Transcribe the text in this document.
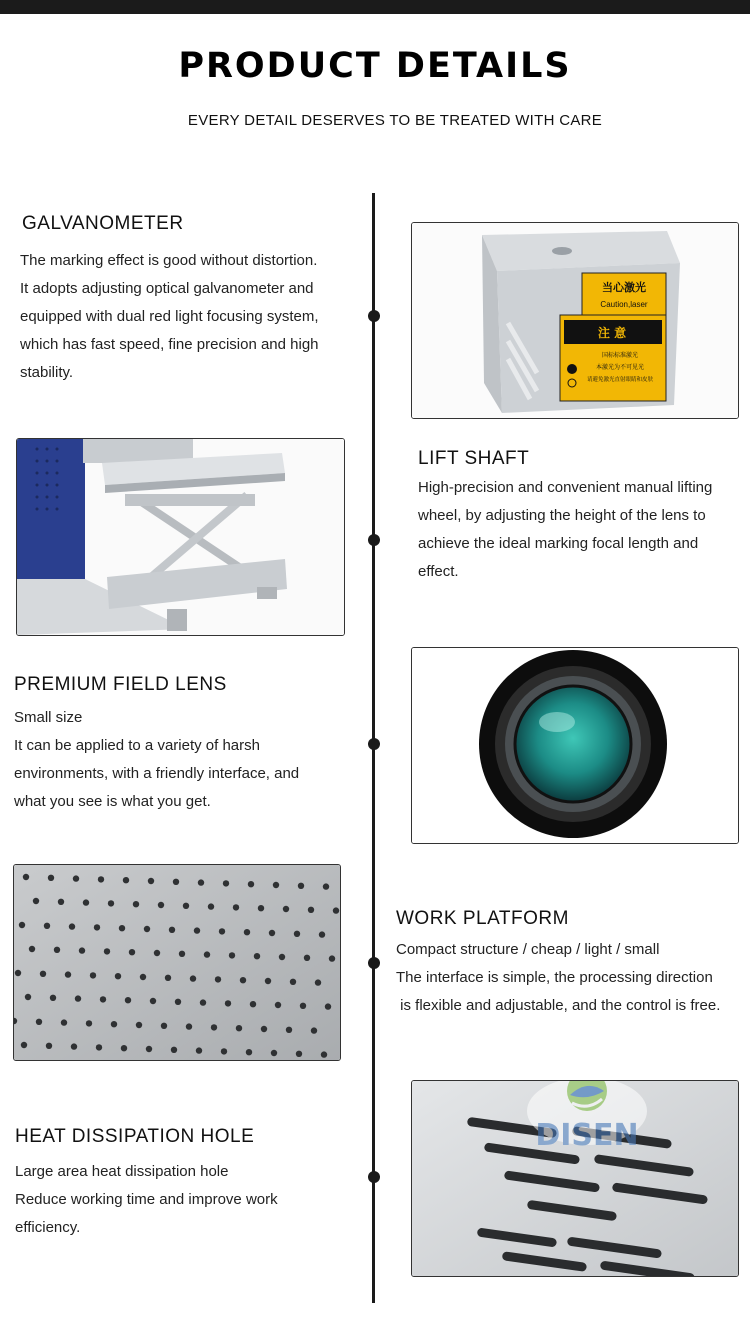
PRODUCT DETAILS
EVERY DETAIL DESERVES TO BE TREATED WITH CARE
GALVANOMETER
The marking effect is good without distortion.
It adopts adjusting optical galvanometer and
equipped with dual red light focusing system,
which has fast speed, fine precision and high
stability.
当心激光
Caution,laser
注 意
国标标准激光
本激光为不可见光
请避免激光直射眼睛和皮肤
LIFT SHAFT
High-precision and convenient manual lifting
wheel, by adjusting the height of the lens to
achieve the ideal marking focal length and
effect.
PREMIUM FIELD LENS
Small size
It can be applied to a variety of harsh
environments, with a friendly interface, and
what you see is what you get.
WORK PLATFORM
Compact structure / cheap / light / small
The interface is simple, the processing direction
is flexible and adjustable, and the control is free.
HEAT DISSIPATION HOLE
Large area heat dissipation hole
Reduce working time and improve work
efficiency.
DISEN
